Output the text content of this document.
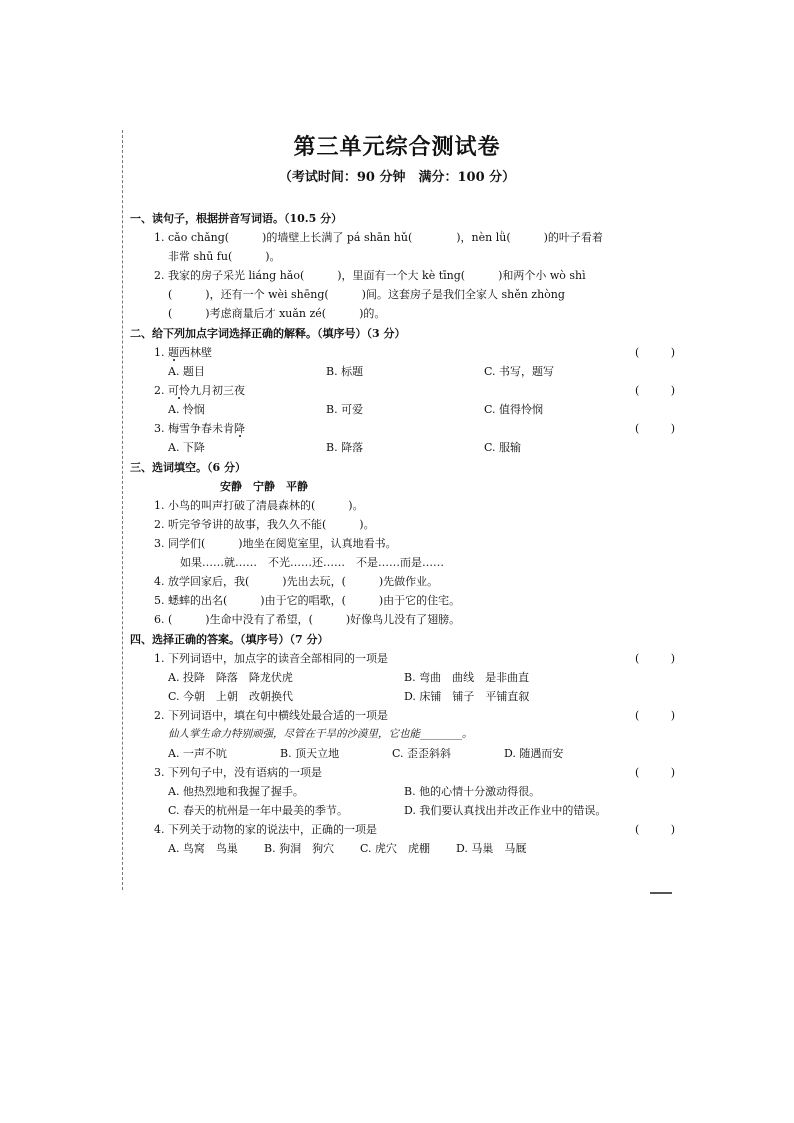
第三单元综合测试卷
（考试时间：90 分钟　满分：100 分）
一、读句子，根据拼音写词语。（10.5 分）
1. cǎo chǎng(　　　)的墙壁上长满了 pá shān hǔ(　　　　)，nèn lǜ(　　　)的叶子看着
非常 shū fu(　　　)。
2. 我家的房子采光 liáng hǎo(　　　)，里面有一个大 kè tīng(　　　)和两个小 wò shì
(　　　)，还有一个 wèi shēng(　　　)间。这套房子是我们全家人 shěn zhòng
(　　　)考虑商量后才 xuǎn zé(　　　)的。
二、给下列加点字词选择正确的解释。（填序号）（3 分）
1. 题西林壁	(	)
A. 题目	B. 标题	C. 书写，题写
2. 可怜九月初三夜	(	)
A. 怜悯	B. 可爱	C. 值得怜悯
3. 梅雪争春未肯降	(	)
A. 下降	B. 降落	C. 服输
三、选词填空。（6 分）
安静　宁静　平静
1. 小鸟的叫声打破了清晨森林的(　　　)。
2. 听完爷爷讲的故事，我久久不能(　　　)。
3. 同学们(　　　)地坐在阅览室里，认真地看书。
如果……就……　不光……还……　不是……而是……
4. 放学回家后，我(　　　)先出去玩，(　　　)先做作业。
5. 蟋蟀的出名(　　　)由于它的唱歌，(　　　)由于它的住宅。
6. (　　　)生命中没有了希望，(　　　)好像鸟儿没有了翅膀。
四、选择正确的答案。（填序号）（7 分）
1. 下列词语中，加点字的读音全部相同的一项是	(	)
A. 投降　降落　降龙伏虎	B. 弯曲　曲线　是非曲直
C. 今朝　上朝　改朝换代	D. 床铺　铺子　平铺直叙
2. 下列词语中，填在句中横线处最合适的一项是	(	)
仙人掌生命力特别顽强，尽管在干旱的沙漠里，它也能________。
A. 一声不吭	B. 顶天立地	C. 歪歪斜斜	D. 随遇而安
3. 下列句子中，没有语病的一项是	(	)
A. 他热烈地和我握了握手。	B. 他的心情十分激动得很。
C. 春天的杭州是一年中最美的季节。	D. 我们要认真找出并改正作业中的错误。
4. 下列关于动物的家的说法中，正确的一项是	(	)
A. 鸟窝　鸟巢	B. 狗洞　狗穴	C. 虎穴　虎棚	D. 马巢　马厩
